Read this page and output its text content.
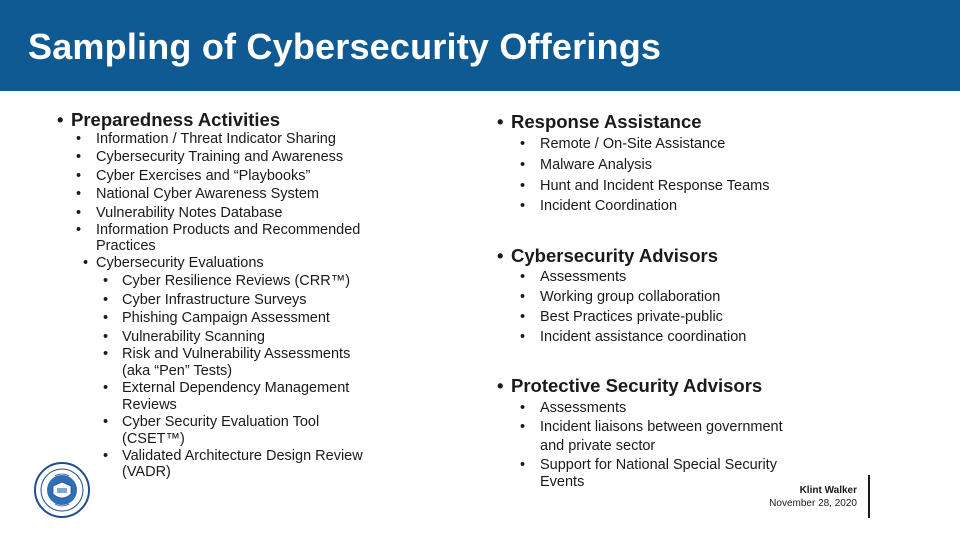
Sampling of Cybersecurity Offerings
• Preparedness Activities
• Information / Threat Indicator Sharing
• Cybersecurity Training and Awareness
• Cyber Exercises and “Playbooks”
• National Cyber Awareness System
• Vulnerability Notes Database
• Information Products and Recommended
Practices
• Cybersecurity Evaluations
• Cyber Resilience Reviews (CRR™)
• Cyber Infrastructure Surveys
• Phishing Campaign Assessment
• Vulnerability Scanning
• Risk and Vulnerability Assessments
(aka “Pen” Tests)
• External Dependency Management
Reviews
• Cyber Security Evaluation Tool
(CSET™)
• Validated Architecture Design Review
(VADR)
• Response Assistance
• Remote / On-Site Assistance
• Malware Analysis
• Hunt and Incident Response Teams
• Incident Coordination
• Cybersecurity Advisors
• Assessments
• Working group collaboration
• Best Practices private-public
• Incident assistance coordination
• Protective Security Advisors
• Assessments
• Incident liaisons between government
and private sector
• Support for National Special Security
Events
Klint Walker
November 28, 2020
